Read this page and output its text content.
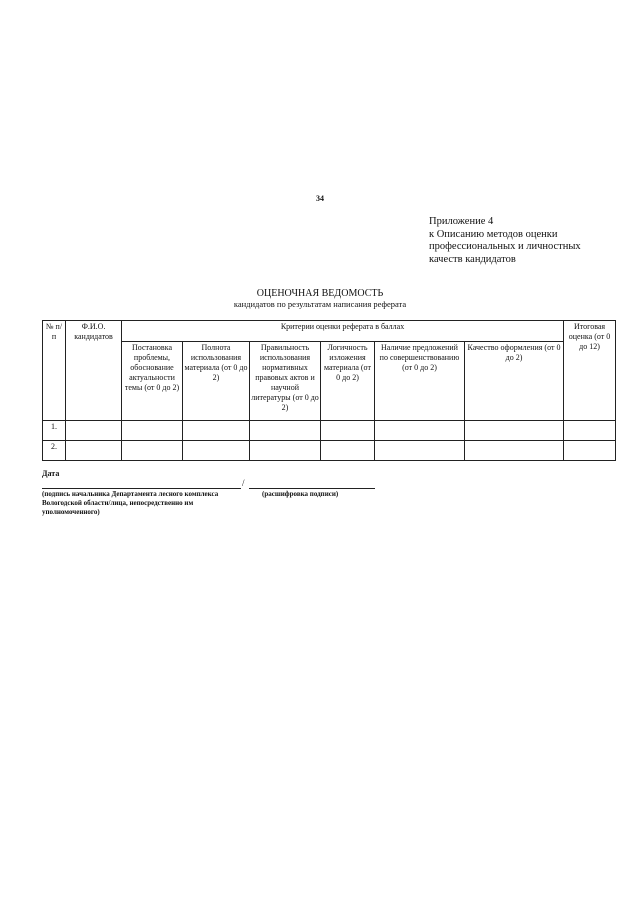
34
Приложение 4
к Описанию методов оценки
профессиональных и личностных
качеств кандидатов
ОЦЕНОЧНАЯ ВЕДОМОСТЬ
кандидатов по результатам написания реферата
№ п/п	Ф.И.О. кандидатов	Критерии оценки реферата в баллах						Итоговая оценка (от 0 до 12)
		Постановка проблемы, обоснование актуальности темы (от 0 до 2)	Полнота использования материала (от 0 до 2)	Правильность использования нормативных правовых актов и научной литературы (от 0 до 2)	Логичность изложения материала (от 0 до 2)	Наличие предложений по совершенствованию (от 0 до 2)	Качество оформления (от 0 до 2)	
1.								
2.								
Дата
/
(подпись начальника Департамента лесного комплекса Вологодской области/лица, непосредственно им уполномоченного)
(расшифровка подписи)
